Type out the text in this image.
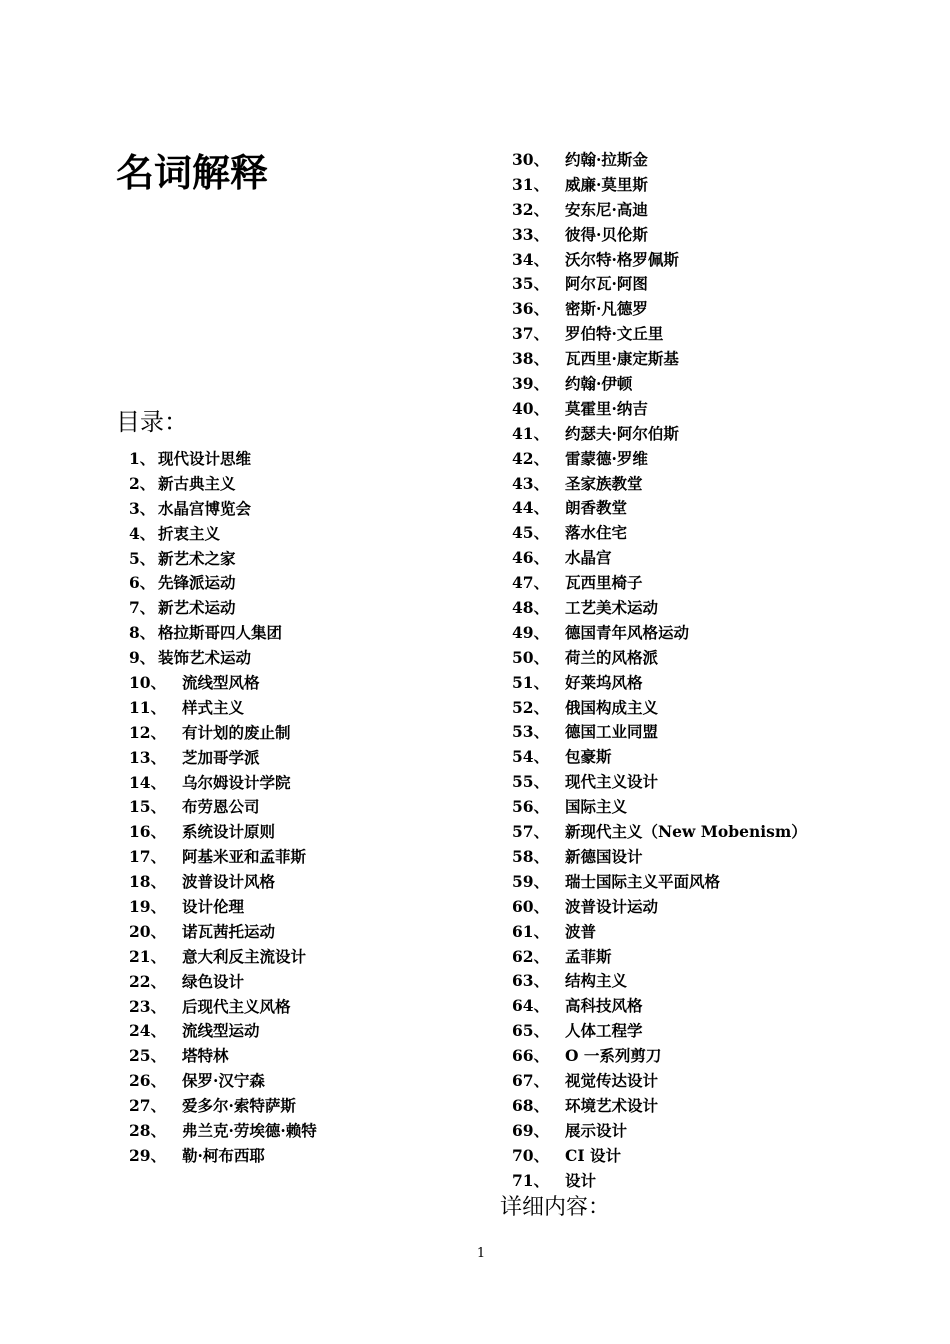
名词解释
目录：
1、 现代设计思维
2、 新古典主义
3、 水晶宫博览会
4、 折衷主义
5、 新艺术之家
6、 先锋派运动
7、 新艺术运动
8、 格拉斯哥四人集团
9、 装饰艺术运动
10、 流线型风格
11、 样式主义
12、 有计划的废止制
13、 芝加哥学派
14、 乌尔姆设计学院
15、 布劳恩公司
16、 系统设计原则
17、 阿基米亚和孟菲斯
18、 波普设计风格
19、 设计伦理
20、 诺瓦茜托运动
21、 意大利反主流设计
22、 绿色设计
23、 后现代主义风格
24、 流线型运动
25、 塔特林
26、 保罗·汉宁森
27、 爱多尔·索特萨斯
28、 弗兰克·劳埃德·赖特
29、 勒·柯布西耶
30、 约翰·拉斯金
31、 威廉·莫里斯
32、 安东尼·高迪
33、 彼得·贝伦斯
34、 沃尔特·格罗佩斯
35、 阿尔瓦·阿图
36、 密斯·凡德罗
37、 罗伯特·文丘里
38、 瓦西里·康定斯基
39、 约翰·伊顿
40、 莫霍里·纳吉
41、 约瑟夫·阿尔伯斯
42、 雷蒙德·罗维
43、 圣家族教堂
44、 朗香教堂
45、 落水住宅
46、 水晶宫
47、 瓦西里椅子
48、 工艺美术运动
49、 德国青年风格运动
50、 荷兰的风格派
51、 好莱坞风格
52、 俄国构成主义
53、 德国工业同盟
54、 包豪斯
55、 现代主义设计
56、 国际主义
57、 新现代主义（New Mobenism）
58、 新德国设计
59、 瑞士国际主义平面风格
60、 波普设计运动
61、 波普
62、 孟菲斯
63、 结构主义
64、 高科技风格
65、 人体工程学
66、 O 一系列剪刀
67、 视觉传达设计
68、 环境艺术设计
69、 展示设计
70、 CI 设计
71、 设计
详细内容：
1
